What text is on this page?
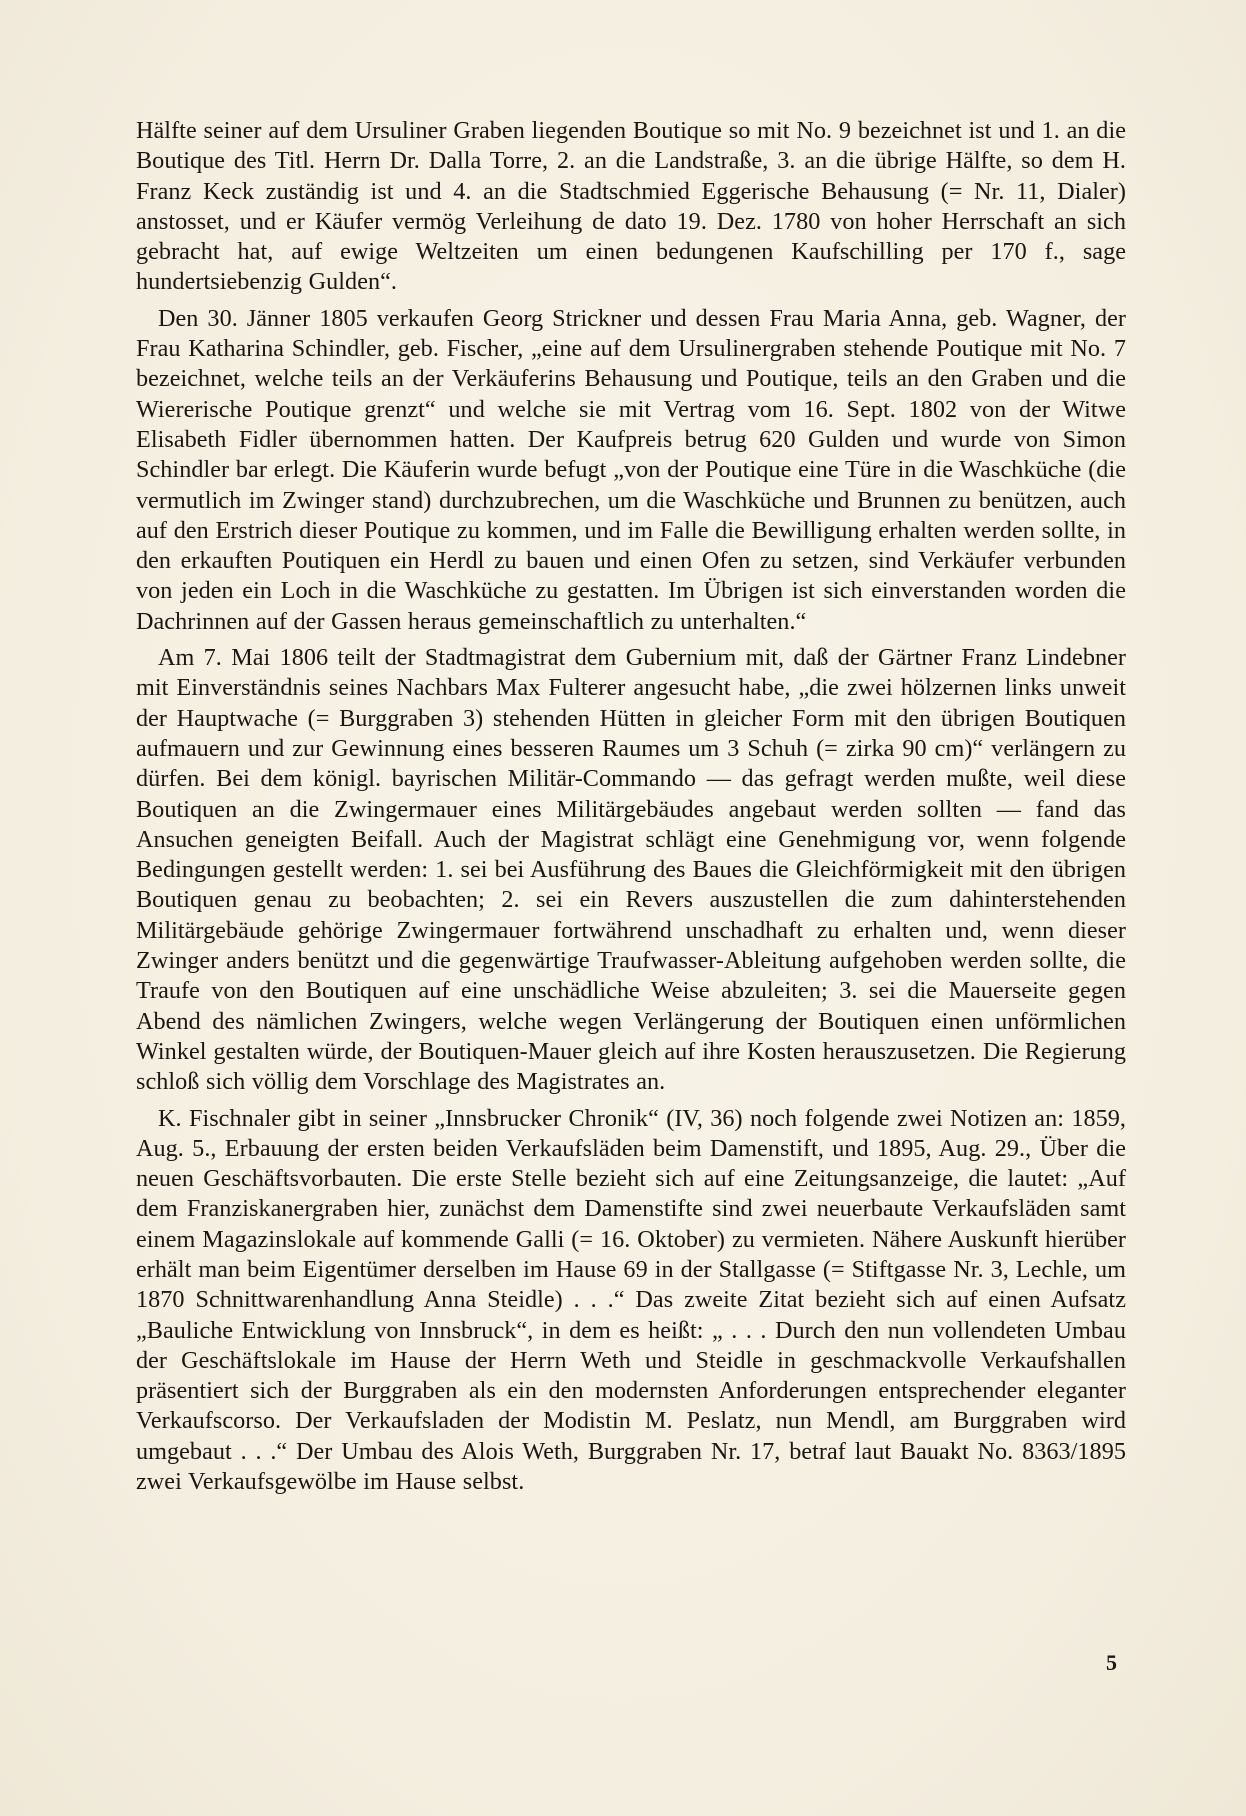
Hälfte seiner auf dem Ursuliner Graben liegenden Boutique so mit No. 9 bezeichnet ist und 1. an die Boutique des Titl. Herrn Dr. Dalla Torre, 2. an die Landstraße, 3. an die übrige Hälfte, so dem H. Franz Keck zuständig ist und 4. an die Stadtschmied Eggerische Behausung (= Nr. 11, Dialer) anstosset, und er Käufer vermög Verleihung de dato 19. Dez. 1780 von hoher Herrschaft an sich gebracht hat, auf ewige Weltzeiten um einen bedungenen Kaufschilling per 170 f., sage hundertsiebenzig Gulden“.

Den 30. Jänner 1805 verkaufen Georg Strickner und dessen Frau Maria Anna, geb. Wagner, der Frau Katharina Schindler, geb. Fischer, „eine auf dem Ursulinergraben stehende Poutique mit No. 7 bezeichnet, welche teils an der Verkäuferins Behausung und Poutique, teils an den Graben und die Wiererische Poutique grenzt“ und welche sie mit Vertrag vom 16. Sept. 1802 von der Witwe Elisabeth Fidler übernommen hatten. Der Kaufpreis betrug 620 Gulden und wurde von Simon Schindler bar erlegt. Die Käuferin wurde befugt „von der Poutique eine Türe in die Waschküche (die vermutlich im Zwinger stand) durchzubrechen, um die Waschküche und Brunnen zu benützen, auch auf den Erstrich dieser Poutique zu kommen, und im Falle die Bewilligung erhalten werden sollte, in den erkauften Poutiquen ein Herdl zu bauen und einen Ofen zu setzen, sind Verkäufer verbunden von jeden ein Loch in die Waschküche zu gestatten. Im Übrigen ist sich einverstanden worden die Dachrinnen auf der Gassen heraus gemeinschaftlich zu unterhalten.“

Am 7. Mai 1806 teilt der Stadtmagistrat dem Gubernium mit, daß der Gärtner Franz Lindebner mit Einverständnis seines Nachbars Max Fulterer angesucht habe, „die zwei hölzernen links unweit der Hauptwache (= Burggraben 3) stehenden Hütten in gleicher Form mit den übrigen Boutiquen aufmauern und zur Gewinnung eines besseren Raumes um 3 Schuh (= zirka 90 cm)“ verlängern zu dürfen. Bei dem königl. bayrischen Militär-Commando — das gefragt werden mußte, weil diese Boutiquen an die Zwingermauer eines Militärgebäudes angebaut werden sollten — fand das Ansuchen geneigten Beifall. Auch der Magistrat schlägt eine Genehmigung vor, wenn folgende Bedingungen gestellt werden: 1. sei bei Ausführung des Baues die Gleichförmigkeit mit den übrigen Boutiquen genau zu beobachten; 2. sei ein Revers auszustellen die zum dahinterstehenden Militärgebäude gehörige Zwingermauer fortwährend unschadhaft zu erhalten und, wenn dieser Zwinger anders benützt und die gegenwärtige Traufwasser-Ableitung aufgehoben werden sollte, die Traufe von den Boutiquen auf eine unschädliche Weise abzuleiten; 3. sei die Mauerseite gegen Abend des nämlichen Zwingers, welche wegen Verlängerung der Boutiquen einen unförmlichen Winkel gestalten würde, der Boutiquen-Mauer gleich auf ihre Kosten herauszusetzen. Die Regierung schloß sich völlig dem Vorschlage des Magistrates an.

K. Fischnaler gibt in seiner „Innsbrucker Chronik“ (IV, 36) noch folgende zwei Notizen an: 1859, Aug. 5., Erbauung der ersten beiden Verkaufsläden beim Damenstift, und 1895, Aug. 29., Über die neuen Geschäftsvorbauten. Die erste Stelle bezieht sich auf eine Zeitungsanzeige, die lautet: „Auf dem Franziskanergraben hier, zunächst dem Damenstifte sind zwei neuerbaute Verkaufsläden samt einem Magazinslokale auf kommende Galli (= 16. Oktober) zu vermieten. Nähere Auskunft hierüber erhält man beim Eigentümer derselben im Hause 69 in der Stallgasse (= Stiftgasse Nr. 3, Lechle, um 1870 Schnittwarenhandlung Anna Steidle) . . .“ Das zweite Zitat bezieht sich auf einen Aufsatz „Bauliche Entwicklung von Innsbruck“, in dem es heißt: „ . . . Durch den nun vollendeten Umbau der Geschäftslokale im Hause der Herrn Weth und Steidle in geschmackvolle Verkaufshallen präsentiert sich der Burggraben als ein den modernsten Anforderungen entsprechender eleganter Verkaufscorso. Der Verkaufsladen der Modistin M. Peslatz, nun Mendl, am Burggraben wird umgebaut . . .“ Der Umbau des Alois Weth, Burggraben Nr. 17, betraf laut Bauakt No. 8363/1895 zwei Verkaufsgewölbe im Hause selbst.

5
